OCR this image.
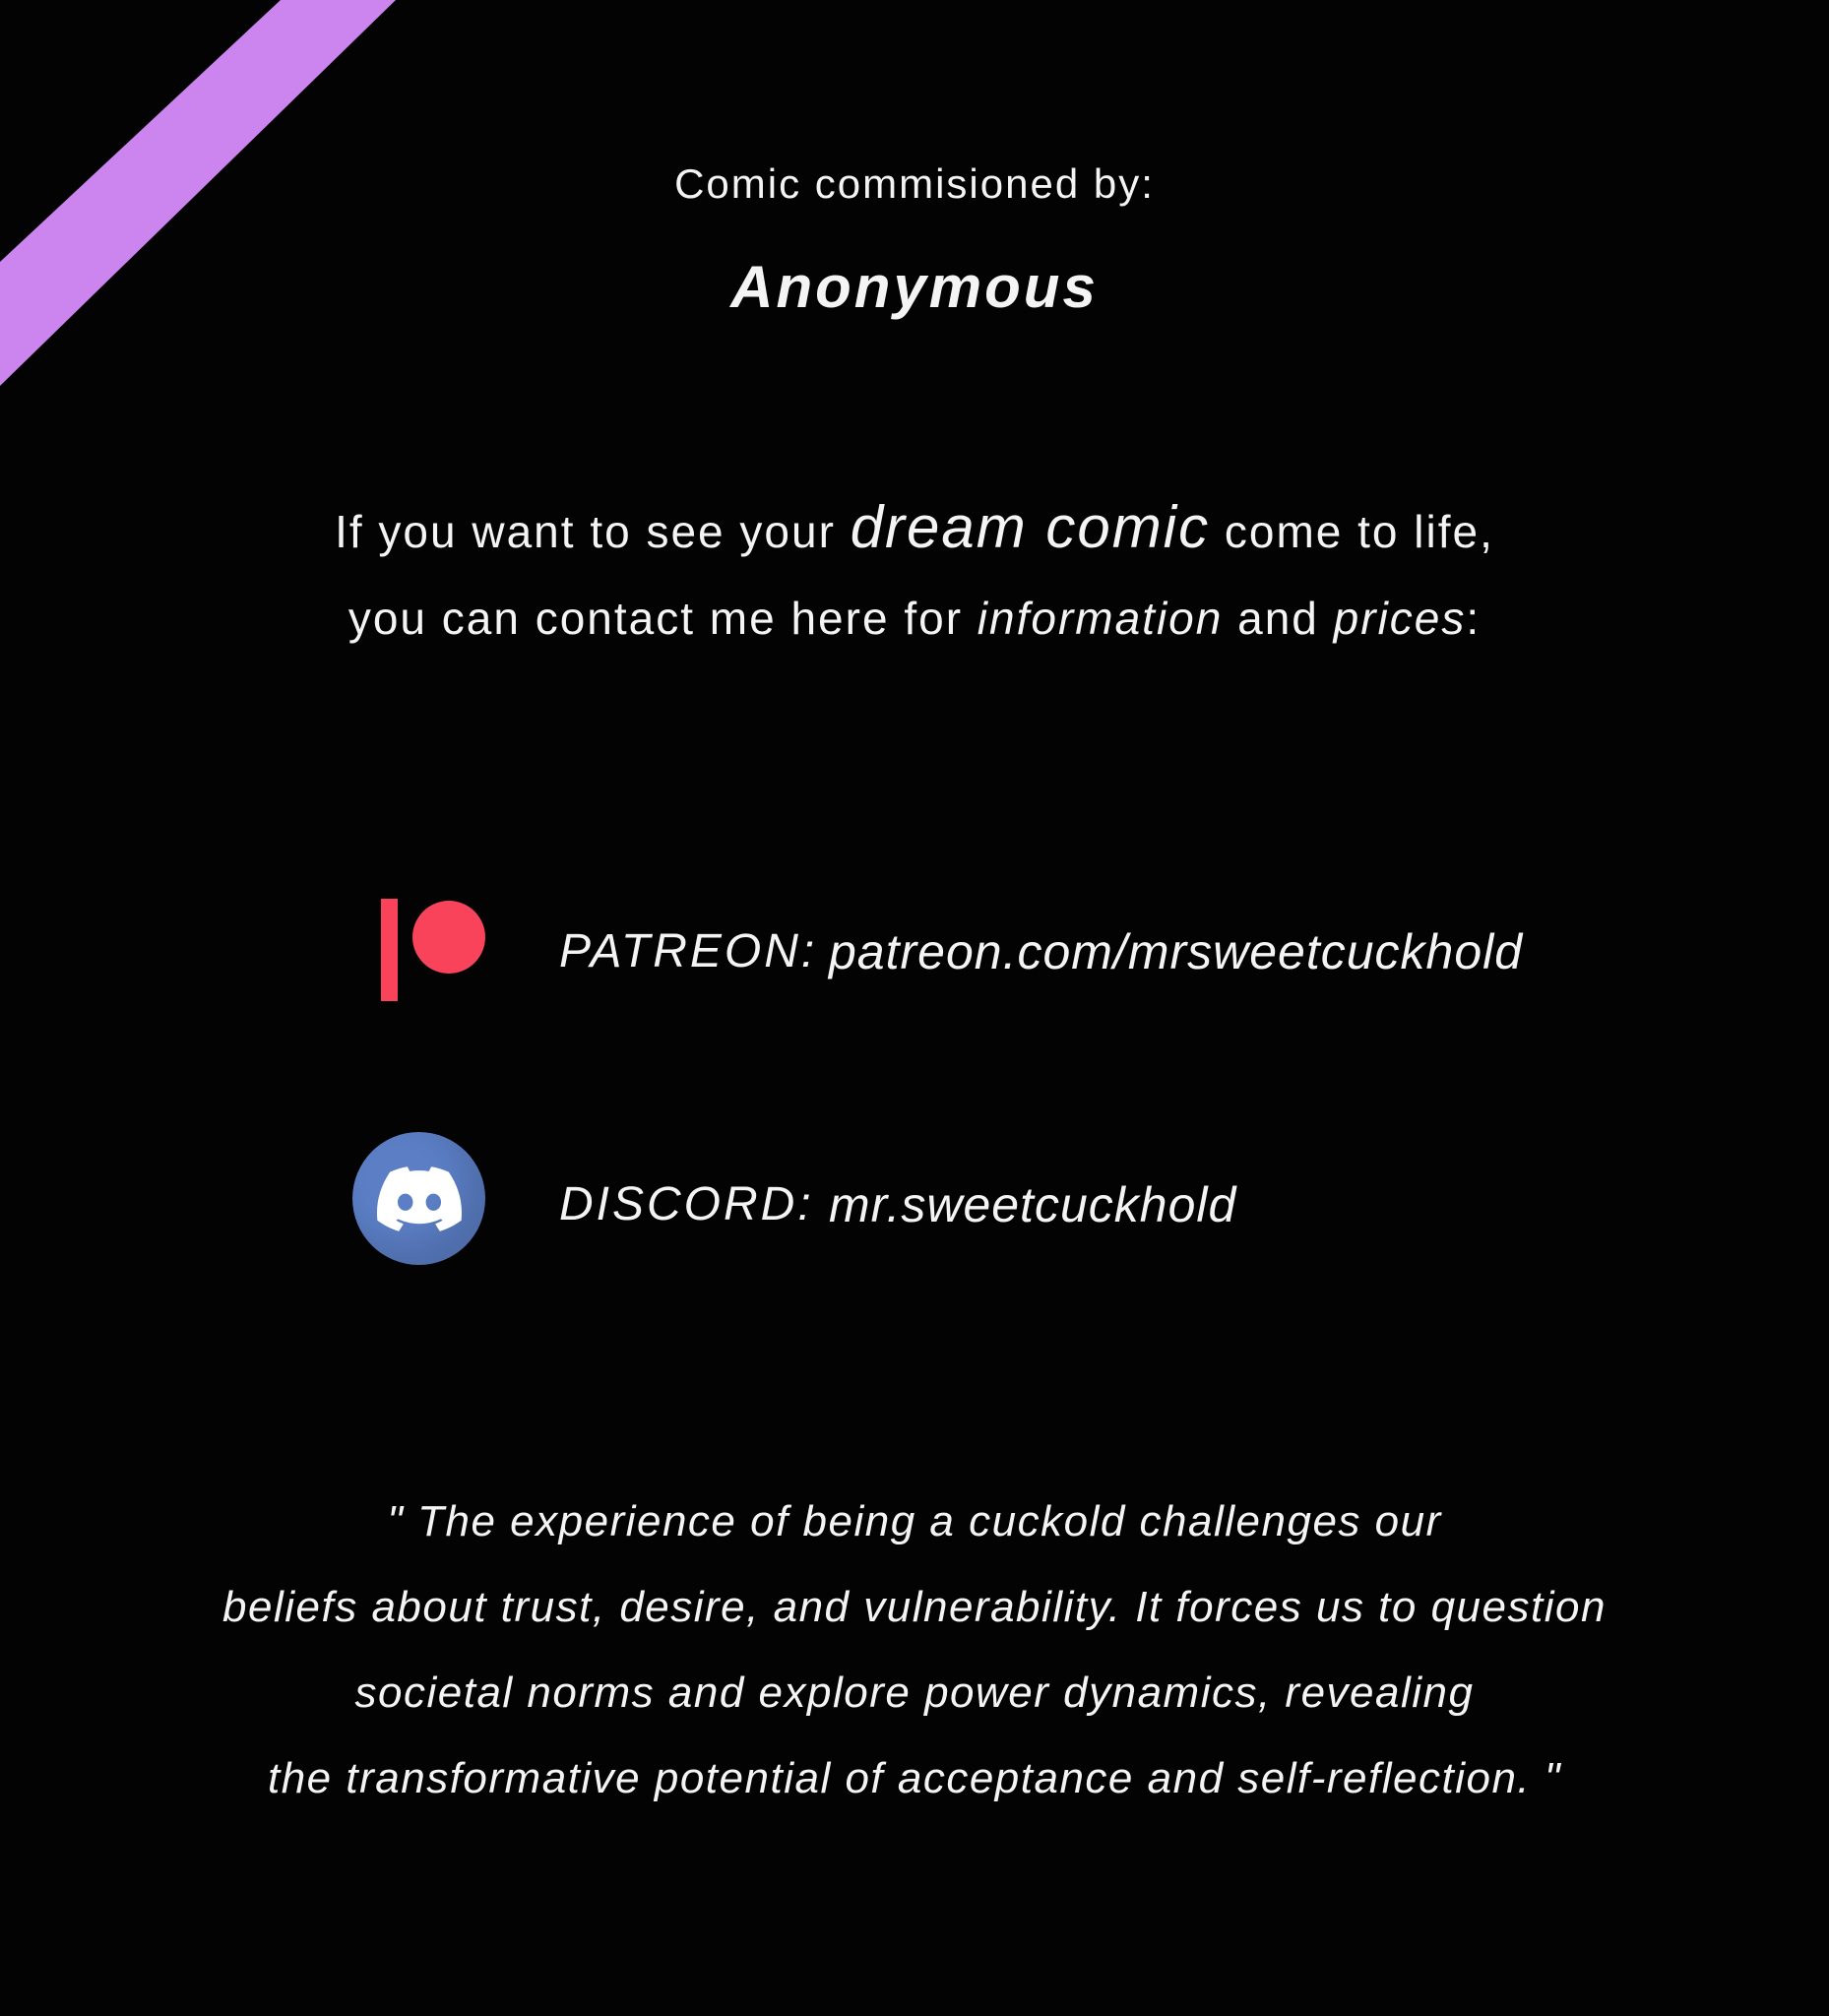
Comic commisioned by:
Anonymous
If you want to see your dream comic come to life,
you can contact me here for information and prices:
PATREON: patreon.com/mrsweetcuckhold
DISCORD: mr.sweetcuckhold
" The experience of being a cuckold challenges our
beliefs about trust, desire, and vulnerability. It forces us to question
societal norms and explore power dynamics, revealing
the transformative potential of acceptance and self-reflection. "
